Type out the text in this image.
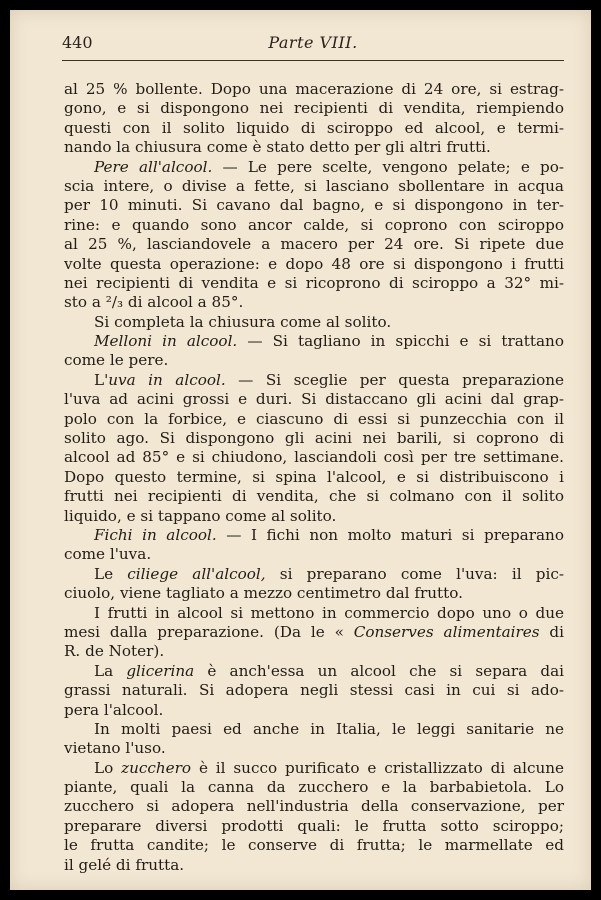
440	Parte VIII.
al 25 % bollente. Dopo una macerazione di 24 ore, si estrag-
gono, e si dispongono nei recipienti di vendita, riempiendo
questi con il solito liquido di sciroppo ed alcool, e termi-
nando la chiusura come è stato detto per gli altri frutti.
Pere all'alcool. — Le pere scelte, vengono pelate; e po-
scia intere, o divise a fette, si lasciano sbollentare in acqua
per 10 minuti. Si cavano dal bagno, e si dispongono in ter-
rine: e quando sono ancor calde, si coprono con sciroppo
al 25 %, lasciandovele a macero per 24 ore. Si ripete due
volte questa operazione: e dopo 48 ore si dispongono i frutti
nei recipienti di vendita e si ricoprono di sciroppo a 32° mi-
sto a ²/₃ di alcool a 85°.
Si completa la chiusura come al solito.
Melloni in alcool. — Si tagliano in spicchi e si trattano
come le pere.
L'uva in alcool. — Si sceglie per questa preparazione
l'uva ad acini grossi e duri. Si distaccano gli acini dal grap-
polo con la forbice, e ciascuno di essi si punzecchia con il
solito ago. Si dispongono gli acini nei barili, si coprono di
alcool ad 85° e si chiudono, lasciandoli così per tre settimane.
Dopo questo termine, si spina l'alcool, e si distribuiscono i
frutti nei recipienti di vendita, che si colmano con il solito
liquido, e si tappano come al solito.
Fichi in alcool. — I fichi non molto maturi si preparano
come l'uva.
Le ciliege all'alcool, si preparano come l'uva: il pic-
ciuolo, viene tagliato a mezzo centimetro dal frutto.
I frutti in alcool si mettono in commercio dopo uno o due
mesi dalla preparazione. (Da le « Conserves alimentaires di
R. de Noter).
La glicerina è anch'essa un alcool che si separa dai
grassi naturali. Si adopera negli stessi casi in cui si ado-
pera l'alcool.
In molti paesi ed anche in Italia, le leggi sanitarie ne
vietano l'uso.
Lo zucchero è il succo purificato e cristallizzato di alcune
piante, quali la canna da zucchero e la barbabietola. Lo
zucchero si adopera nell'industria della conservazione, per
preparare diversi prodotti quali: le frutta sotto sciroppo;
le frutta candite; le conserve di frutta; le marmellate ed
il gelé di frutta.
